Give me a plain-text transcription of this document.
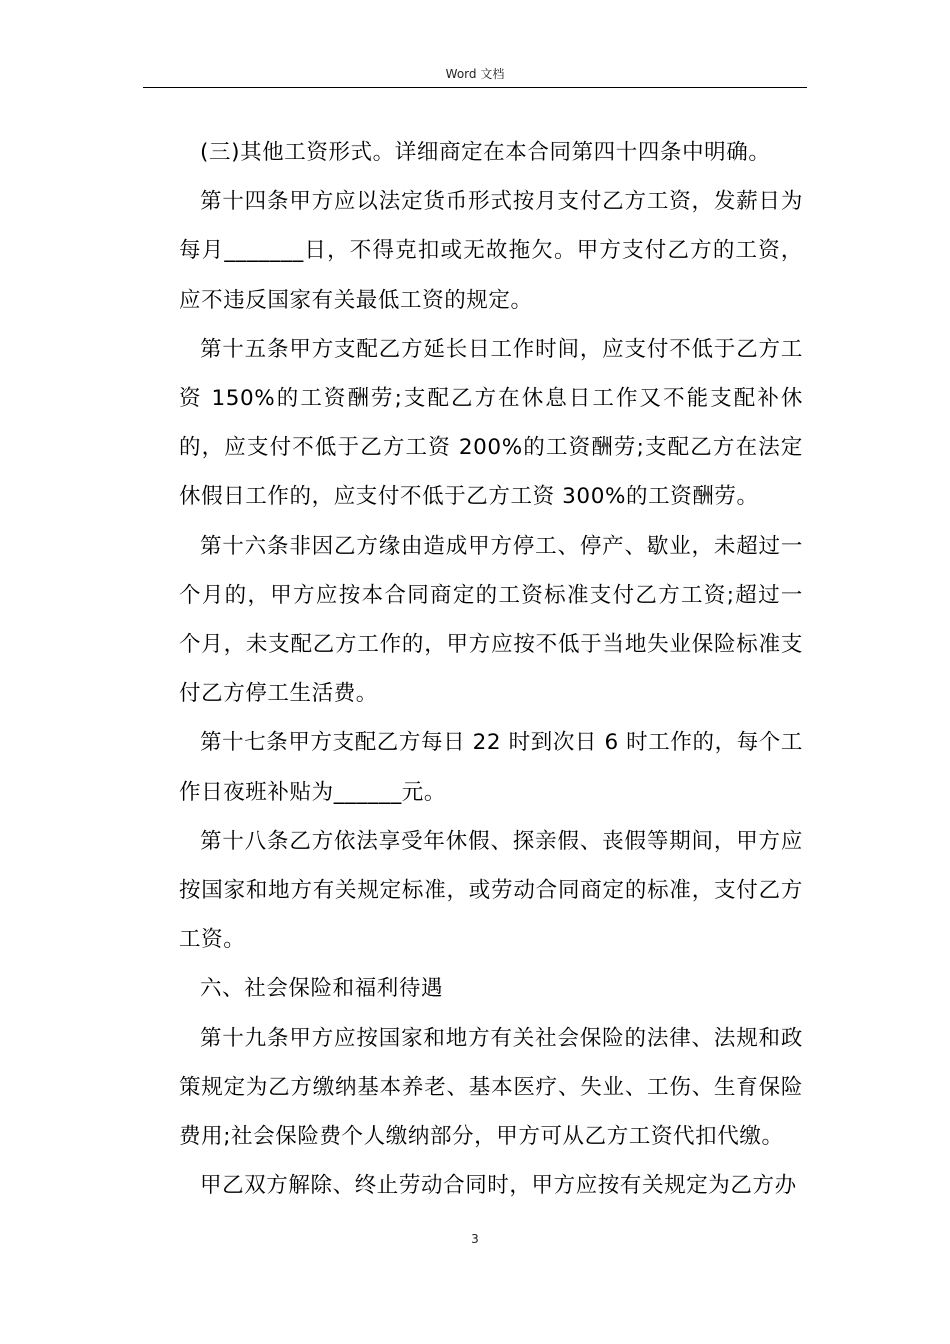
Word 文档

(三)其他工资形式。详细商定在本合同第四十四条中明确。

第十四条甲方应以法定货币形式按月支付乙方工资，发薪日为每月_______日，不得克扣或无故拖欠。甲方支付乙方的工资，应不违反国家有关最低工资的规定。

第十五条甲方支配乙方延长日工作时间，应支付不低于乙方工资 150%的工资酬劳;支配乙方在休息日工作又不能支配补休的，应支付不低于乙方工资 200%的工资酬劳;支配乙方在法定休假日工作的，应支付不低于乙方工资 300%的工资酬劳。

第十六条非因乙方缘由造成甲方停工、停产、歇业，未超过一个月的，甲方应按本合同商定的工资标准支付乙方工资;超过一个月，未支配乙方工作的，甲方应按不低于当地失业保险标准支付乙方停工生活费。

第十七条甲方支配乙方每日 22 时到次日 6 时工作的，每个工作日夜班补贴为______元。

第十八条乙方依法享受年休假、探亲假、丧假等期间，甲方应按国家和地方有关规定标准，或劳动合同商定的标准，支付乙方工资。

六、社会保险和福利待遇

第十九条甲方应按国家和地方有关社会保险的法律、法规和政策规定为乙方缴纳基本养老、基本医疗、失业、工伤、生育保险费用;社会保险费个人缴纳部分，甲方可从乙方工资代扣代缴。

甲乙双方解除、终止劳动合同时，甲方应按有关规定为乙方办

3
